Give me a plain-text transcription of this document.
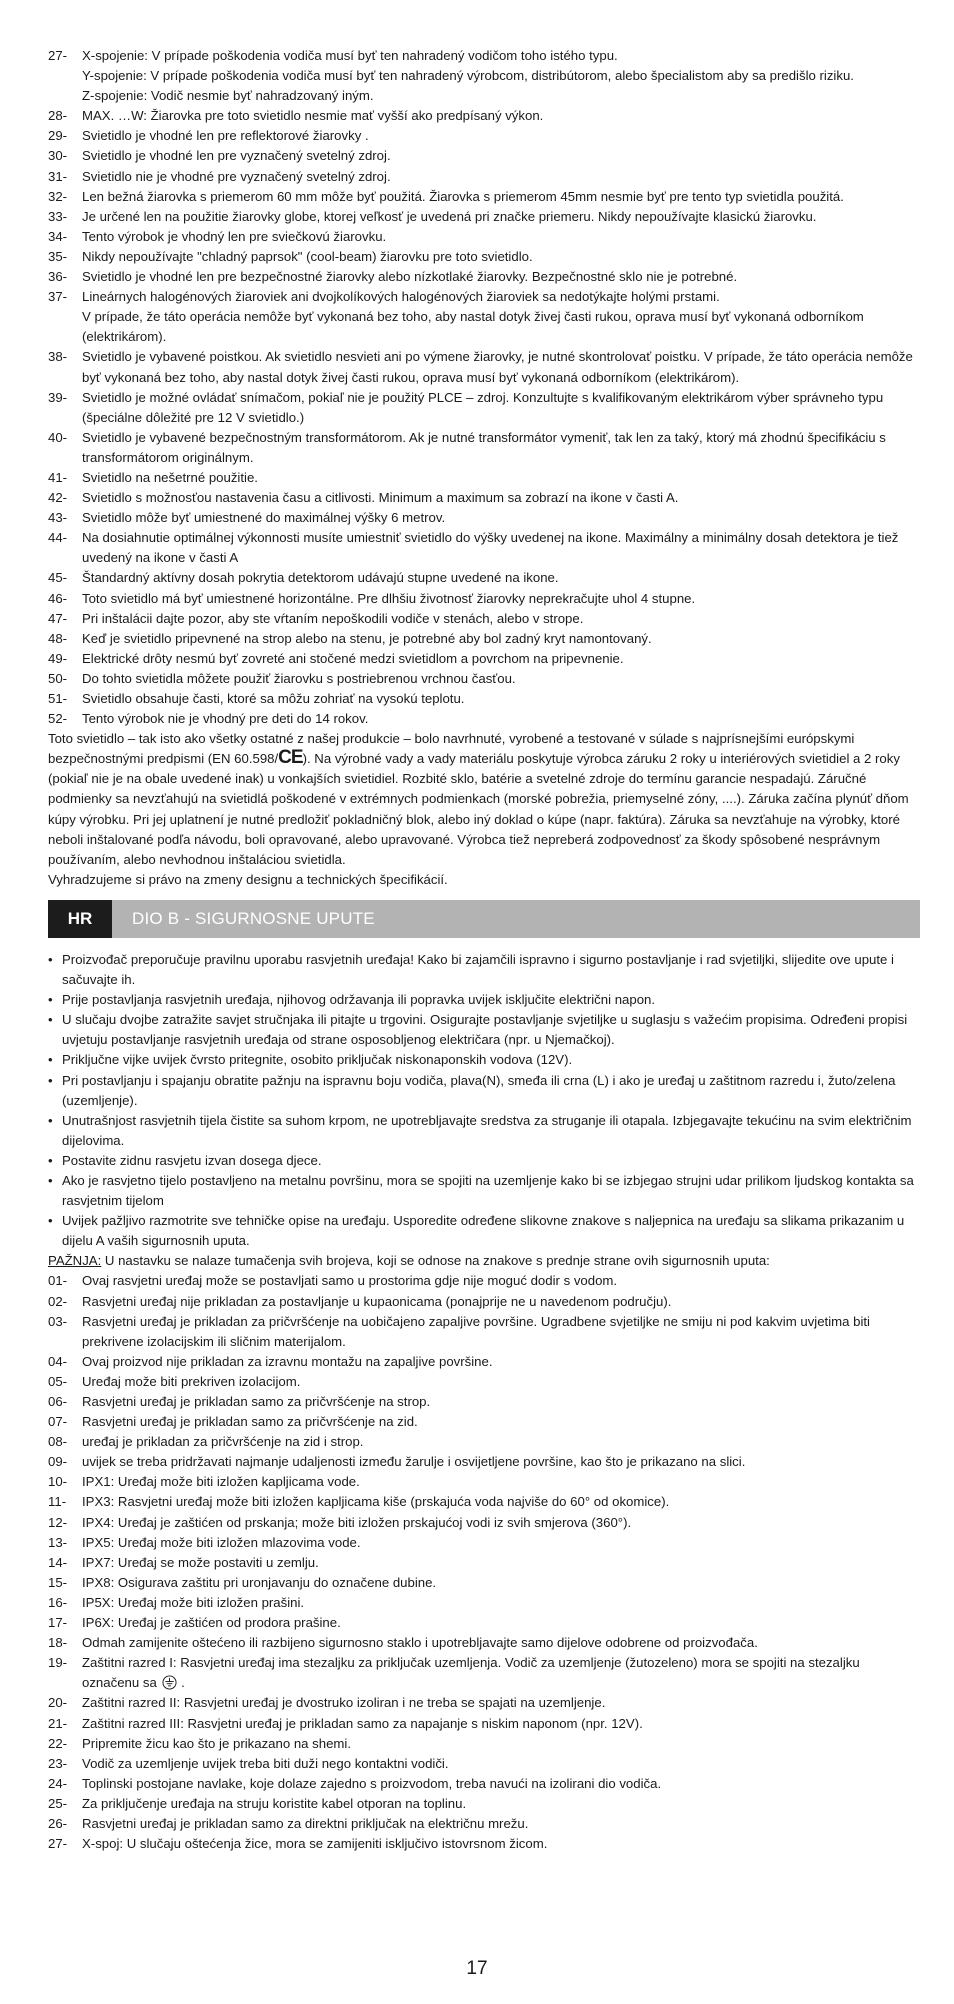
27-	X-spojenie: V prípade poškodenia vodiča musí byť ten nahradený vodičom toho istého typu.
Y-spojenie: V prípade poškodenia vodiča musí byť ten nahradený výrobcom, distribútorom, alebo špecialistom aby sa predišlo riziku.
Z-spojenie: Vodič nesmie byť nahradzovaný iným.
28-	MAX. …W: Žiarovka pre toto svietidlo nesmie mať vyšší ako predpísaný výkon.
29-	Svietidlo je vhodné len pre reflektorové žiarovky .
30-	Svietidlo je vhodné len pre vyznačený svetelný zdroj.
31-	Svietidlo nie je vhodné pre vyznačený svetelný zdroj.
32-	Len bežná žiarovka s priemerom 60 mm môže byť použitá. Žiarovka s priemerom 45mm nesmie byť pre tento typ svietidla použitá.
33-	Je určené len na použitie žiarovky globe, ktorej veľkosť je uvedená pri značke priemeru. Nikdy nepoužívajte klasickú žiarovku.
34-	Tento výrobok je vhodný len pre sviečkovú žiarovku.
35-	Nikdy nepoužívajte "chladný paprsok" (cool-beam) žiarovku pre toto svietidlo.
36-	Svietidlo je vhodné len pre bezpečnostné žiarovky alebo nízkotlaké žiarovky. Bezpečnostné sklo nie je potrebné.
37-	Lineárnych halogénových žiaroviek ani dvojkolíkových halogénových žiaroviek sa nedotýkajte holými prstami.
V prípade, že táto operácia nemôže byť vykonaná bez toho, aby nastal dotyk živej časti rukou, oprava musí byť vykonaná odborníkom (elektrikárom).
38-	Svietidlo je vybavené poistkou. Ak svietidlo nesvieti ani po výmene žiarovky, je nutné skontrolovať poistku. V prípade, že táto operácia nemôže byť vykonaná bez toho, aby nastal dotyk živej časti rukou, oprava musí byť vykonaná odborníkom (elektrikárom).
39-	Svietidlo je možné ovládať snímačom, pokiaľ nie je použitý PLCE – zdroj. Konzultujte s kvalifikovaným elektrikárom výber správneho typu (špeciálne dôležité pre 12 V svietidlo.)
40-	Svietidlo je vybavené bezpečnostným transformátorom. Ak je nutné transformátor vymeniť, tak len za taký, ktorý má zhodnú špecifikáciu s transformátorom originálnym.
41-	Svietidlo na nešetrné použitie.
42-	Svietidlo s možnosťou nastavenia času a citlivosti. Minimum a maximum sa zobrazí na ikone v časti A.
43-	Svietidlo môže byť umiestnené do maximálnej výšky 6 metrov.
44-	Na dosiahnutie optimálnej výkonnosti musíte umiestniť svietidlo do výšky uvedenej na ikone. Maximálny a minimálny dosah detektora je tiež uvedený na ikone v časti A
45-	Štandardný aktívny dosah pokrytia detektorom udávajú stupne uvedené na ikone.
46-	Toto svietidlo má byť umiestnené horizontálne. Pre dlhšiu životnosť žiarovky neprekračujte uhol 4 stupne.
47-	Pri inštalácii dajte pozor, aby ste vŕtaním nepoškodili vodiče v stenách, alebo v strope.
48-	Keď je svietidlo pripevnené na strop alebo na stenu, je potrebné aby bol zadný kryt namontovaný.
49-	Elektrické drôty nesmú byť zovreté ani stočené medzi svietidlom a povrchom na pripevnenie.
50-	Do tohto svietidla môžete použiť žiarovku s postriebrenou vrchnou časťou.
51-	Svietidlo obsahuje časti, ktoré sa môžu zohriať na vysokú teplotu.
52-	Tento výrobok nie je vhodný pre deti do 14 rokov.

Toto svietidlo – tak isto ako všetky ostatné z našej produkcie – bolo navrhnuté, vyrobené a testované v súlade s najprísnejšími európskymi bezpečnostnými predpismi (EN 60.598/CE). Na výrobné vady a vady materiálu poskytuje výrobca záruku 2 roky u interiérových svietidiel a 2 roky (pokiaľ nie je na obale uvedené inak) u vonkajších svietidiel. Rozbité sklo, batérie a svetelné zdroje do termínu garancie nespadajú. Záručné podmienky sa nevzťahujú na svietidlá poškodené v extrémnych podmienkach (morské pobrežia, priemyselné zóny, ....). Záruka začína plynúť dňom kúpy výrobku. Pri jej uplatnení je nutné predložiť pokladničný blok, alebo iný doklad o kúpe (napr. faktúra). Záruka sa nevzťahuje na výrobky, ktoré neboli inštalované podľa návodu, boli opravované, alebo upravované. Výrobca tiež nepreberá zodpovednosť za škody spôsobené nesprávnym používaním, alebo nevhodnou inštaláciou svietidla.

Vyhradzujeme si právo na zmeny designu a technických špecifikácií.

HR	DIO B - SIGURNOSNE UPUTE
• Proizvođač preporučuje pravilnu uporabu rasvjetnih uređaja! Kako bi zajamčili ispravno i sigurno postavljanje i rad svjetiljki, slijedite ove upute i sačuvajte ih.
• Prije postavljanja rasvjetnih uređaja, njihovog održavanja ili popravka uvijek isključite električni napon.
• U slučaju dvojbe zatražite savjet stručnjaka ili pitajte u trgovini. Osigurajte postavljanje svjetiljke u suglasju s važećim propisima. Određeni propisi uvjetuju postavljanje rasvjetnih uređaja od strane osposobljenog električara (npr. u Njemačkoj).
• Priključne vijke uvijek čvrsto pritegnite, osobito priključak niskonaponskih vodova (12V).
• Pri postavljanju i spajanju obratite pažnju na ispravnu boju vodiča, plava(N), smeđa ili crna (L) i ako je uređaj u zaštitnom razredu i, žuto/zelena (uzemljenje).
• Unutrašnjost rasvjetnih tijela čistite sa suhom krpom, ne upotrebljavajte sredstva za struganje ili otapala. Izbjegavajte tekućinu na svim električnim dijelovima.
• Postavite zidnu rasvjetu izvan dosega djece.
• Ako je rasvjetno tijelo postavljeno na metalnu površinu, mora se spojiti na uzemljenje kako bi se izbjegao strujni udar prilikom ljudskog kontakta sa rasvjetnim tijelom
• Uvijek pažljivo razmotrite sve tehničke opise na uređaju. Usporedite određene slikovne znakove s naljepnica na uređaju sa slikama prikazanim u dijelu A vaših sigurnosnih uputa.

PAŽNJA: U nastavku se nalaze tumačenja svih brojeva, koji se odnose na znakove s prednje strane ovih sigurnosnih uputa:

01-	Ovaj rasvjetni uređaj može se postavljati samo u prostorima gdje nije moguć dodir s vodom.
02-	Rasvjetni uređaj nije prikladan za postavljanje u kupaonicama (ponajprije ne u navedenom području).
03-	Rasvjetni uređaj je prikladan za pričvršćenje na uobičajeno zapaljive površine. Ugradbene svjetiljke ne smiju ni pod kakvim uvjetima biti prekrivene izolacijskim ili sličnim materijalom.
04-	Ovaj proizvod nije prikladan za izravnu montažu na zapaljive površine.
05-	Uređaj može biti prekriven izolacijom.
06-	Rasvjetni uređaj je prikladan samo za pričvršćenje na strop.
07-	Rasvjetni uređaj je prikladan samo za pričvršćenje na zid.
08-	uređaj je prikladan za pričvršćenje na zid i strop.
09-	uvijek se treba pridržavati najmanje udaljenosti između žarulje i osvijetljene površine, kao što je prikazano na slici.
10-	IPX1: Uređaj može biti izložen kapljicama vode.
11-	IPX3: Rasvjetni uređaj može biti izložen kapljicama kiše (prskajuća voda najviše do 60° od okomice).
12-	IPX4: Uređaj je zaštićen od prskanja; može biti izložen prskajućoj vodi iz svih smjerova (360°).
13-	IPX5: Uređaj može biti izložen mlazovima vode.
14-	IPX7: Uređaj se može postaviti u zemlju.
15-	IPX8: Osigurava zaštitu pri uronjavanju do označene dubine.
16-	IP5X: Uređaj može biti izložen prašini.
17-	IP6X: Uređaj je zaštićen od prodora prašine.
18-	Odmah zamijenite oštećeno ili razbijeno sigurnosno staklo i upotrebljavajte samo dijelove odobrene od proizvođača.
19-	Zaštitni razred I: Rasvjetni uređaj ima stezaljku za priključak uzemljenja. Vodič za uzemljenje (žutozeleno) mora se spojiti na stezaljku označenu sa  .
20-	Zaštitni razred II: Rasvjetni uređaj je dvostruko izoliran i ne treba se spajati na uzemljenje.
21-	Zaštitni razred III: Rasvjetni uređaj je prikladan samo za napajanje s niskim naponom (npr. 12V).
22-	Pripremite žicu kao što je prikazano na shemi.
23-	Vodič za uzemljenje uvijek treba biti duži nego kontaktni vodiči.
24-	Toplinski postojane navlake, koje dolaze zajedno s proizvodom, treba navući na izolirani dio vodiča.
25-	Za priključenje uređaja na struju koristite kabel otporan na toplinu.
26-	Rasvjetni uređaj je prikladan samo za direktni priključak na električnu mrežu.
27-	X-spoj: U slučaju oštećenja žice, mora se zamijeniti isključivo istovrsnom žicom.
17
